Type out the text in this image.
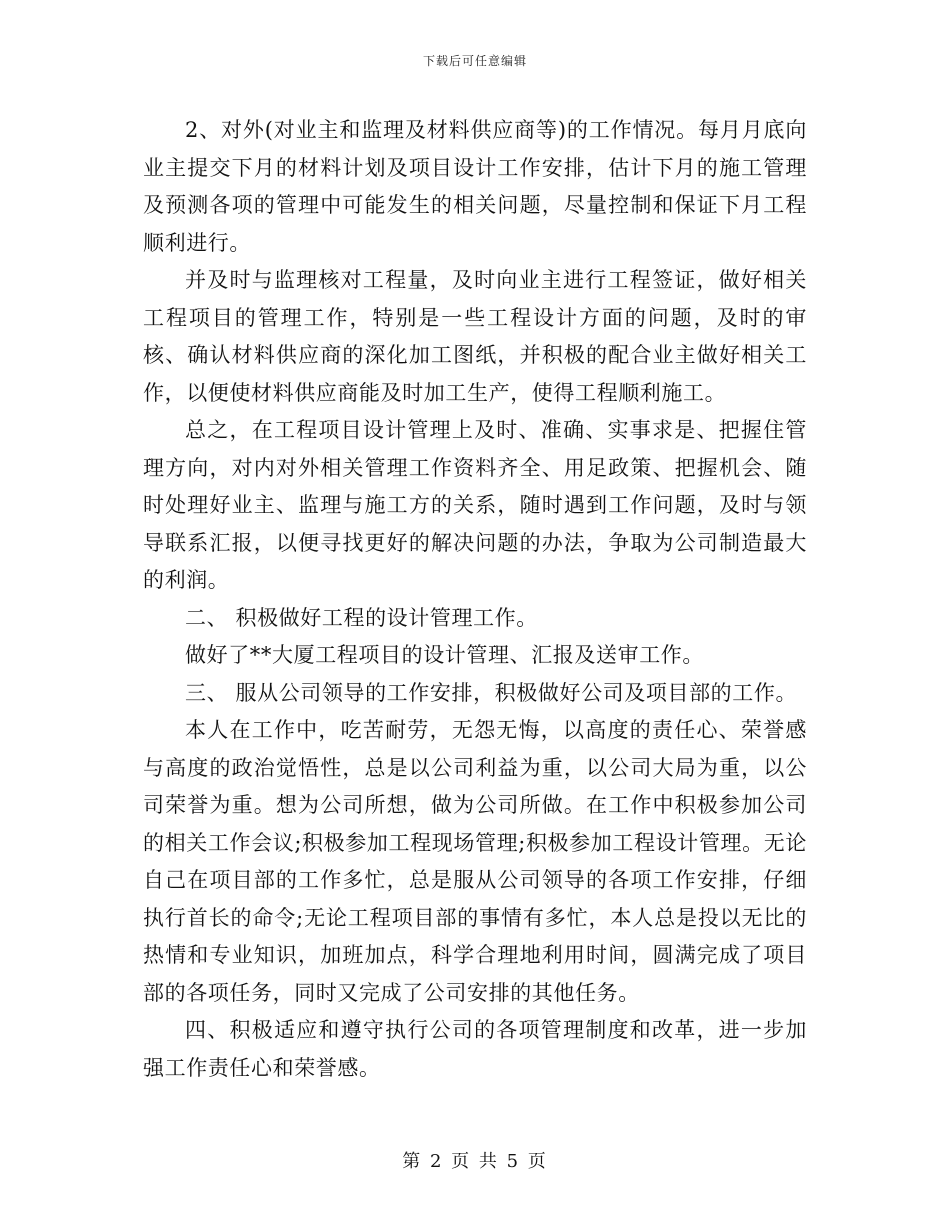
下载后可任意编辑

2、对外(对业主和监理及材料供应商等)的工作情况。每月月底向业主提交下月的材料计划及项目设计工作安排，估计下月的施工管理及预测各项的管理中可能发生的相关问题，尽量控制和保证下月工程顺利进行。

并及时与监理核对工程量，及时向业主进行工程签证，做好相关工程项目的管理工作，特别是一些工程设计方面的问题，及时的审核、确认材料供应商的深化加工图纸，并积极的配合业主做好相关工作，以便使材料供应商能及时加工生产，使得工程顺利施工。

总之，在工程项目设计管理上及时、准确、实事求是、把握住管理方向，对内对外相关管理工作资料齐全、用足政策、把握机会、随时处理好业主、监理与施工方的关系，随时遇到工作问题，及时与领导联系汇报，以便寻找更好的解决问题的办法，争取为公司制造最大的利润。

二、 积极做好工程的设计管理工作。

做好了**大厦工程项目的设计管理、汇报及送审工作。

三、 服从公司领导的工作安排，积极做好公司及项目部的工作。

本人在工作中，吃苦耐劳，无怨无悔，以高度的责任心、荣誉感与高度的政治觉悟性，总是以公司利益为重，以公司大局为重，以公司荣誉为重。想为公司所想，做为公司所做。在工作中积极参加公司的相关工作会议;积极参加工程现场管理;积极参加工程设计管理。无论自己在项目部的工作多忙，总是服从公司领导的各项工作安排，仔细执行首长的命令;无论工程项目部的事情有多忙，本人总是投以无比的热情和专业知识，加班加点，科学合理地利用时间，圆满完成了项目部的各项任务，同时又完成了公司安排的其他任务。

四、积极适应和遵守执行公司的各项管理制度和改革，进一步加强工作责任心和荣誉感。

第 2 页 共 5 页
